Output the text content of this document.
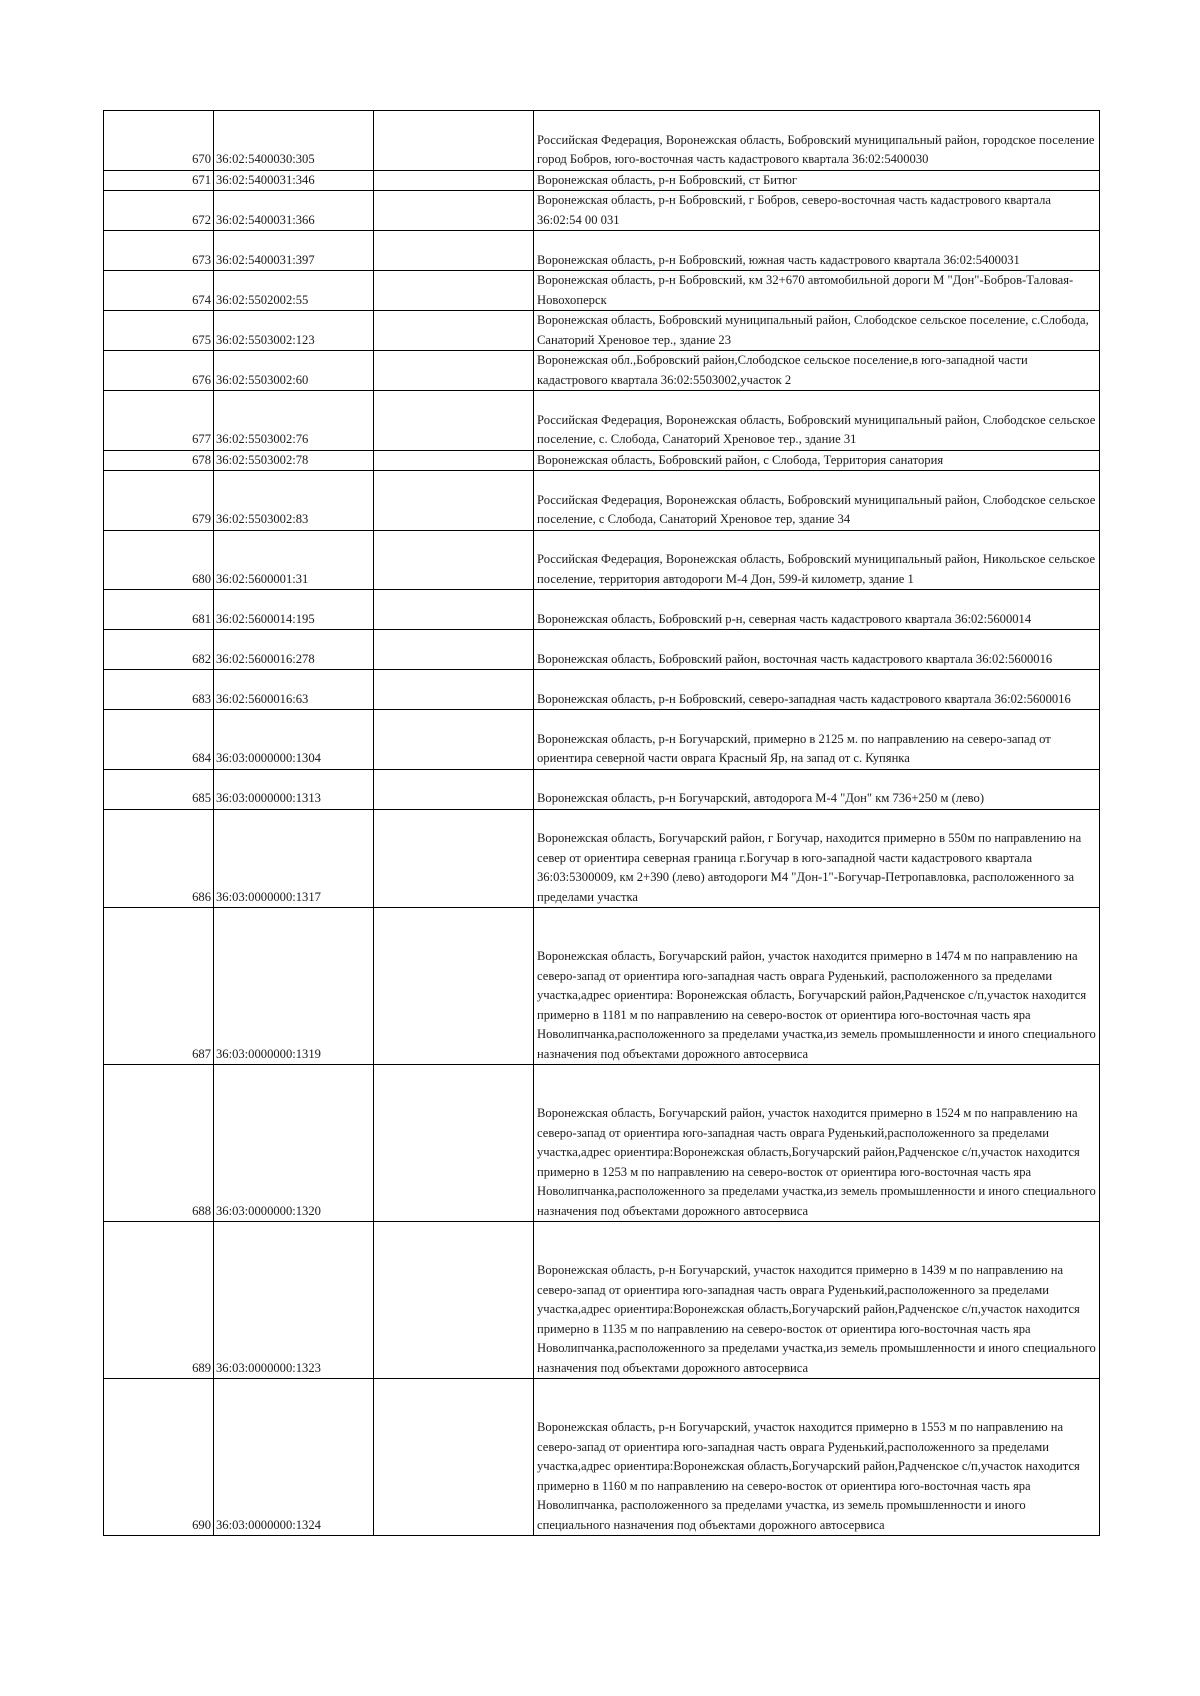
670	36:02:5400030:305		Российская Федерация, Воронежская область, Бобровский муниципальный район, городское поселение город Бобров, юго-восточная часть кадастрового квартала 36:02:5400030
671	36:02:5400031:346		Воронежская область, р-н Бобровский, ст Битюг
672	36:02:5400031:366		Воронежская область, р-н Бобровский, г Бобров, северо-восточная часть кадастрового квартала 36:02:54 00 031
673	36:02:5400031:397		Воронежская область, р-н Бобровский, южная часть кадастрового квартала 36:02:5400031
674	36:02:5502002:55		Воронежская область, р-н Бобровский, км 32+670 автомобильной дороги М "Дон"-Бобров-Таловая-Новохоперск
675	36:02:5503002:123		Воронежская область, Бобровский муниципальный район, Слободское сельское поселение, с.Слобода, Санаторий Хреновое тер., здание 23
676	36:02:5503002:60		Воронежская обл.,Бобровский район,Слободское сельское поселение,в юго-западной части кадастрового квартала 36:02:5503002,участок 2
677	36:02:5503002:76		Российская Федерация, Воронежская область, Бобровский муниципальный район, Слободское сельское поселение, с. Слобода, Санаторий Хреновое тер., здание 31
678	36:02:5503002:78		Воронежская область, Бобровский район, с Слобода, Территория санатория
679	36:02:5503002:83		Российская Федерация, Воронежская область, Бобровский муниципальный район, Слободское сельское поселение, с Слобода, Санаторий Хреновое тер, здание 34
680	36:02:5600001:31		Российская Федерация, Воронежская область, Бобровский муниципальный район, Никольское сельское поселение, территория автодороги М-4 Дон, 599-й километр, здание 1
681	36:02:5600014:195		Воронежская область, Бобровский р-н, северная часть кадастрового квартала 36:02:5600014
682	36:02:5600016:278		Воронежская область, Бобровский район, восточная часть кадастрового квартала 36:02:5600016
683	36:02:5600016:63		Воронежская область, р-н Бобровский, северо-западная часть кадастрового квартала 36:02:5600016
684	36:03:0000000:1304		Воронежская область, р-н Богучарский, примерно в 2125 м. по направлению на северо-запад от ориентира северной части оврага Красный Яр, на запад от с. Купянка
685	36:03:0000000:1313		Воронежская область, р-н Богучарский, автодорога М-4 "Дон" км 736+250 м (лево)
686	36:03:0000000:1317		Воронежская область, Богучарский район, г Богучар, находится примерно в 550м по направлению на север от ориентира северная граница г.Богучар в юго-западной части кадастрового квартала 36:03:5300009, км 2+390 (лево) автодороги М4 "Дон-1"-Богучар-Петропавловка, расположенного за пределами участка
687	36:03:0000000:1319		Воронежская область, Богучарский район, участок находится примерно в 1474 м по направлению на северо-запад от ориентира юго-западная часть оврага Руденький, расположенного за пределами участка,адрес ориентира: Воронежская область, Богучарский район,Радченское с/п,участок находится примерно в 1181 м по направлению на северо-восток от ориентира юго-восточная часть яра Новолипчанка,расположенного за пределами участка,из земель промышленности и иного специального назначения под объектами дорожного автосервиса
688	36:03:0000000:1320		Воронежская область, Богучарский район, участок находится примерно в 1524 м по направлению на северо-запад от ориентира юго-западная часть оврага Руденький,расположенного за пределами участка,адрес ориентира:Воронежская область,Богучарский район,Радченское с/п,участок находится примерно в 1253 м по направлению на северо-восток от ориентира юго-восточная часть яра Новолипчанка,расположенного за пределами участка,из земель промышленности и иного специального назначения под объектами дорожного автосервиса
689	36:03:0000000:1323		Воронежская область, р-н Богучарский, участок находится примерно в 1439 м по направлению на северо-запад от ориентира юго-западная часть оврага Руденький,расположенного за пределами участка,адрес ориентира:Воронежская область,Богучарский район,Радченское с/п,участок находится примерно в 1135 м по направлению на северо-восток от ориентира юго-восточная часть яра Новолипчанка,расположенного за пределами участка,из земель промышленности и иного специального назначения под объектами дорожного автосервиса
690	36:03:0000000:1324		Воронежская область, р-н Богучарский, участок находится примерно в 1553 м по направлению на северо-запад от ориентира юго-западная часть оврага Руденький,расположенного за пределами участка,адрес ориентира:Воронежская область,Богучарский район,Радченское с/п,участок находится примерно в 1160 м по направлению на северо-восток от ориентира юго-восточная часть яра Новолипчанка, расположенного за пределами участка, из земель промышленности и иного специального назначения под объектами дорожного автосервиса
